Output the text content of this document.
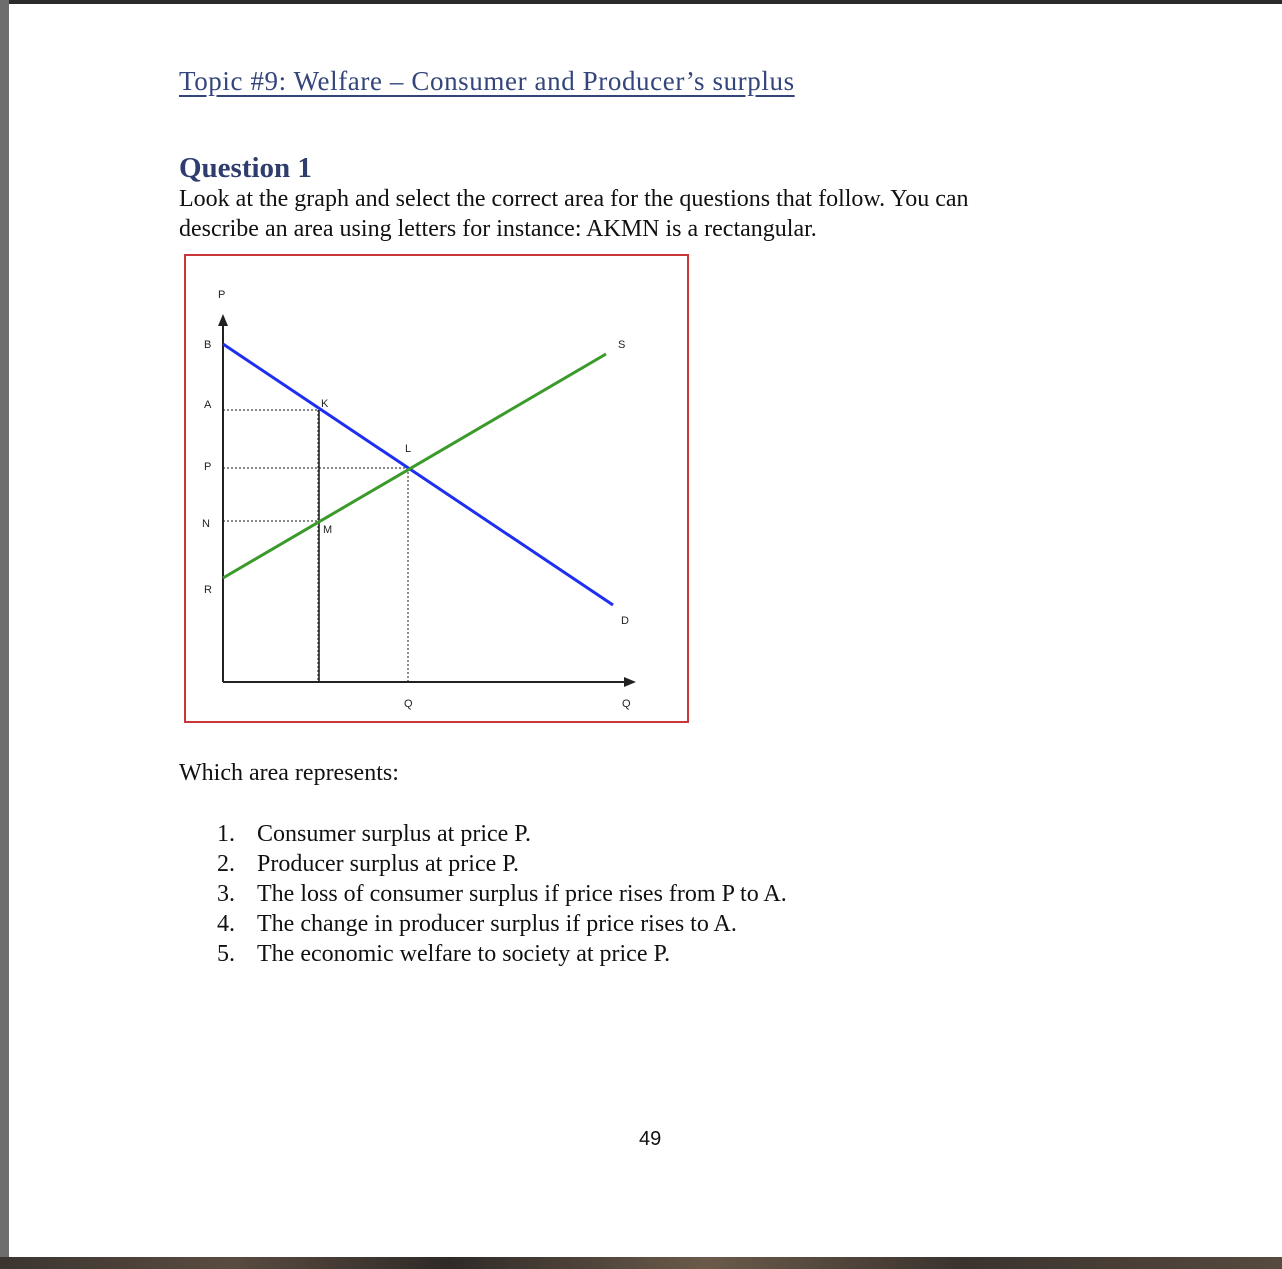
Topic #9: Welfare – Consumer and Producer’s surplus
Question 1
Look at the graph and select the correct area for the questions that follow. You can
describe an area using letters for instance: AKMN is a rectangular.
P
B
A
P
N
R
K
L
M
S
D
Q	Q
Which area represents:
1. Consumer surplus at price P.
2. Producer surplus at price P.
3. The loss of consumer surplus if price rises from P to A.
4. The change in producer surplus if price rises to A.
5. The economic welfare to society at price P.
49
